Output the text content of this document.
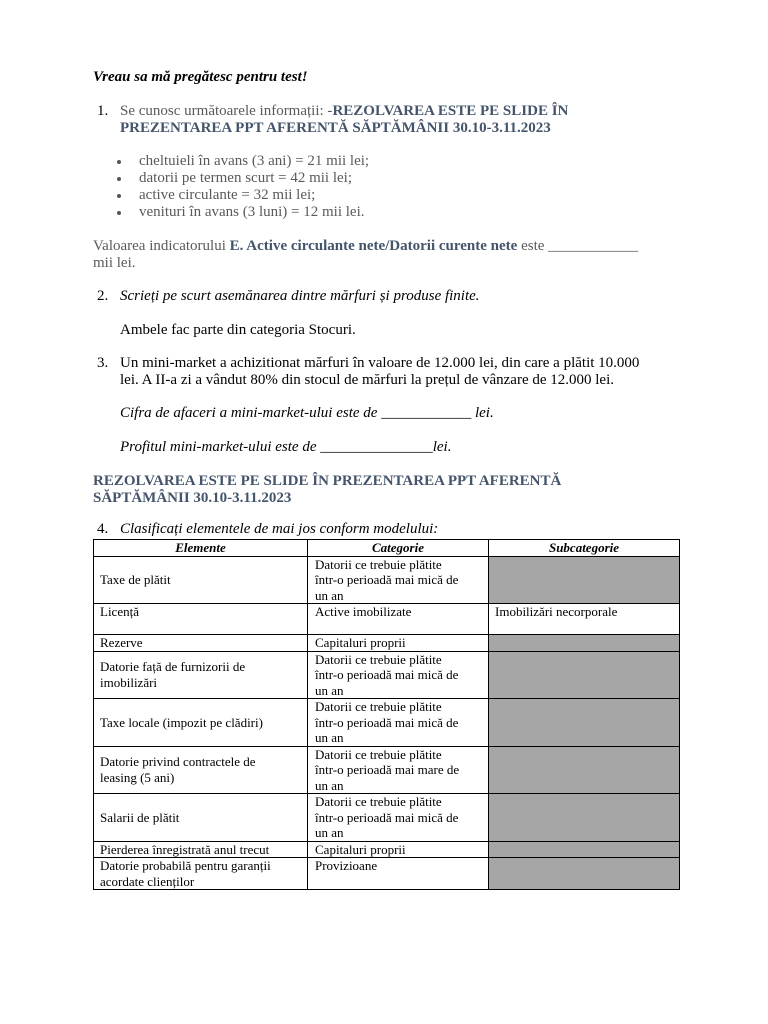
Vreau sa mă pregătesc pentru test!
1. Se cunosc următoarele informații: -REZOLVAREA ESTE PE SLIDE ÎN
PREZENTAREA PPT AFERENTĂ SĂPTĂMÂNII 30.10-3.11.2023
cheltuieli în avans (3 ani) = 21 mii lei;
datorii pe termen scurt = 42 mii lei;
active circulante = 32 mii lei;
venituri în avans (3 luni) = 12 mii lei.
Valoarea indicatorului E. Active circulante nete/Datorii curente nete este ____________
mii lei.
2. Scrieți pe scurt asemănarea dintre mărfuri și produse finite.
Ambele fac parte din categoria Stocuri.
3. Un mini-market a achizitionat mărfuri în valoare de 12.000 lei, din care a plătit 10.000
lei. A II-a zi a vândut 80% din stocul de mărfuri la prețul de vânzare de 12.000 lei.
Cifra de afaceri a mini-market-ului este de ____________ lei.
Profitul mini-market-ului este de _______________lei.
REZOLVAREA ESTE PE SLIDE ÎN PREZENTAREA PPT AFERENTĂ
SĂPTĂMÂNII 30.10-3.11.2023
4. Clasificați elementele de mai jos conform modelului:
Elemente	Categorie	Subcategorie
Taxe de plătit	Datorii ce trebuie plătite
într-o perioadă mai mică de
un an	
Licență	Active imobilizate	Imobilizări necorporale
Rezerve	Capitaluri proprii	
Datorie față de furnizorii de
imobilizări	Datorii ce trebuie plătite
într-o perioadă mai mică de
un an	
Taxe locale (impozit pe clădiri)	Datorii ce trebuie plătite
într-o perioadă mai mică de
un an	
Datorie privind contractele de
leasing (5 ani)	Datorii ce trebuie plătite
într-o perioadă mai mare de
un an	
Salarii de plătit	Datorii ce trebuie plătite
într-o perioadă mai mică de
un an	
Pierderea înregistrată anul trecut	Capitaluri proprii	
Datorie probabilă pentru garanții
acordate clienților	Provizioane	
